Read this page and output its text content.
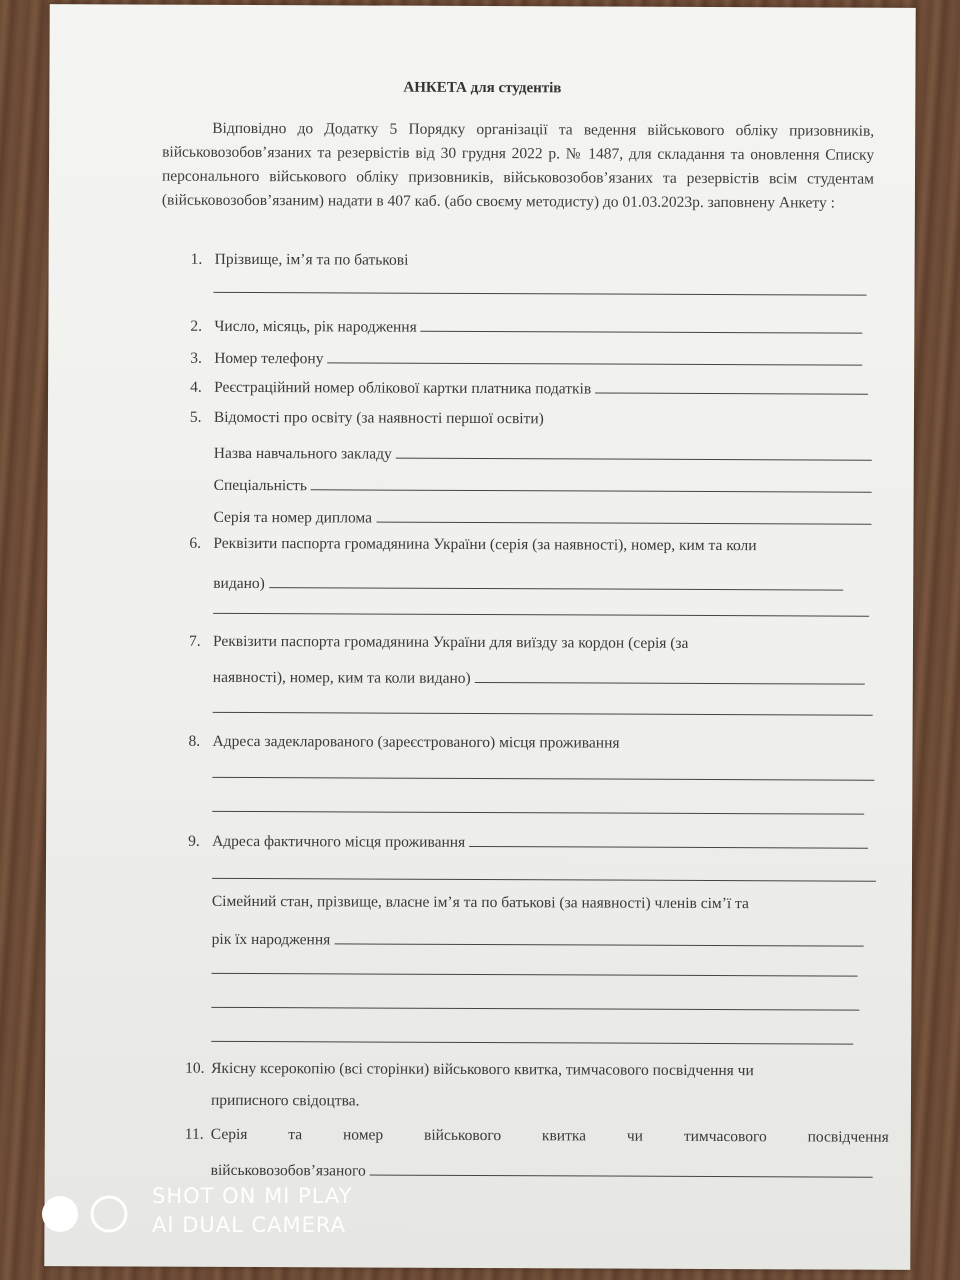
АНКЕТА для студентів
Відповідно до Додатку 5 Порядку організації та ведення військового обліку призовників, військовозобов’язаних та резервістів від 30 грудня 2022 р. № 1487, для складання та оновлення Списку персонального військового обліку призовників, військовозобов’язаних та резервістів всім студентам (військовозобов’язаним) надати в 407 каб. (або своєму методисту) до 01.03.2023р. заповнену Анкету :
1. Прізвище, ім’я та по батькові
2. Число, місяць, рік народження
3. Номер телефону
4. Реєстраційний номер облікової картки платника податків
5. Відомості про освіту (за наявності першої освіти)
Назва навчального закладу
Спеціальність
Серія та номер диплома
6. Реквізити паспорта громадянина України (серія (за наявності), номер, ким та коли
видано)
7. Реквізити паспорта громадянина України для виїзду за кордон (серія (за
наявності), номер, ким та коли видано)
8. Адреса задекларованого (зареєстрованого) місця проживання
9. Адреса фактичного місця проживання
Сімейний стан, прізвище, власне ім’я та по батькові (за наявності) членів сім’ї та
рік їх народження
10. Якісну ксерокопію (всі сторінки) військового квитка, тимчасового посвідчення чи
приписного свідоцтва.
11. Серія	та	номер	військового	квитка	чи	тимчасового	посвідчення
військовозобов’язаного
SHOT ON MI PLAY
AI DUAL CAMERA
